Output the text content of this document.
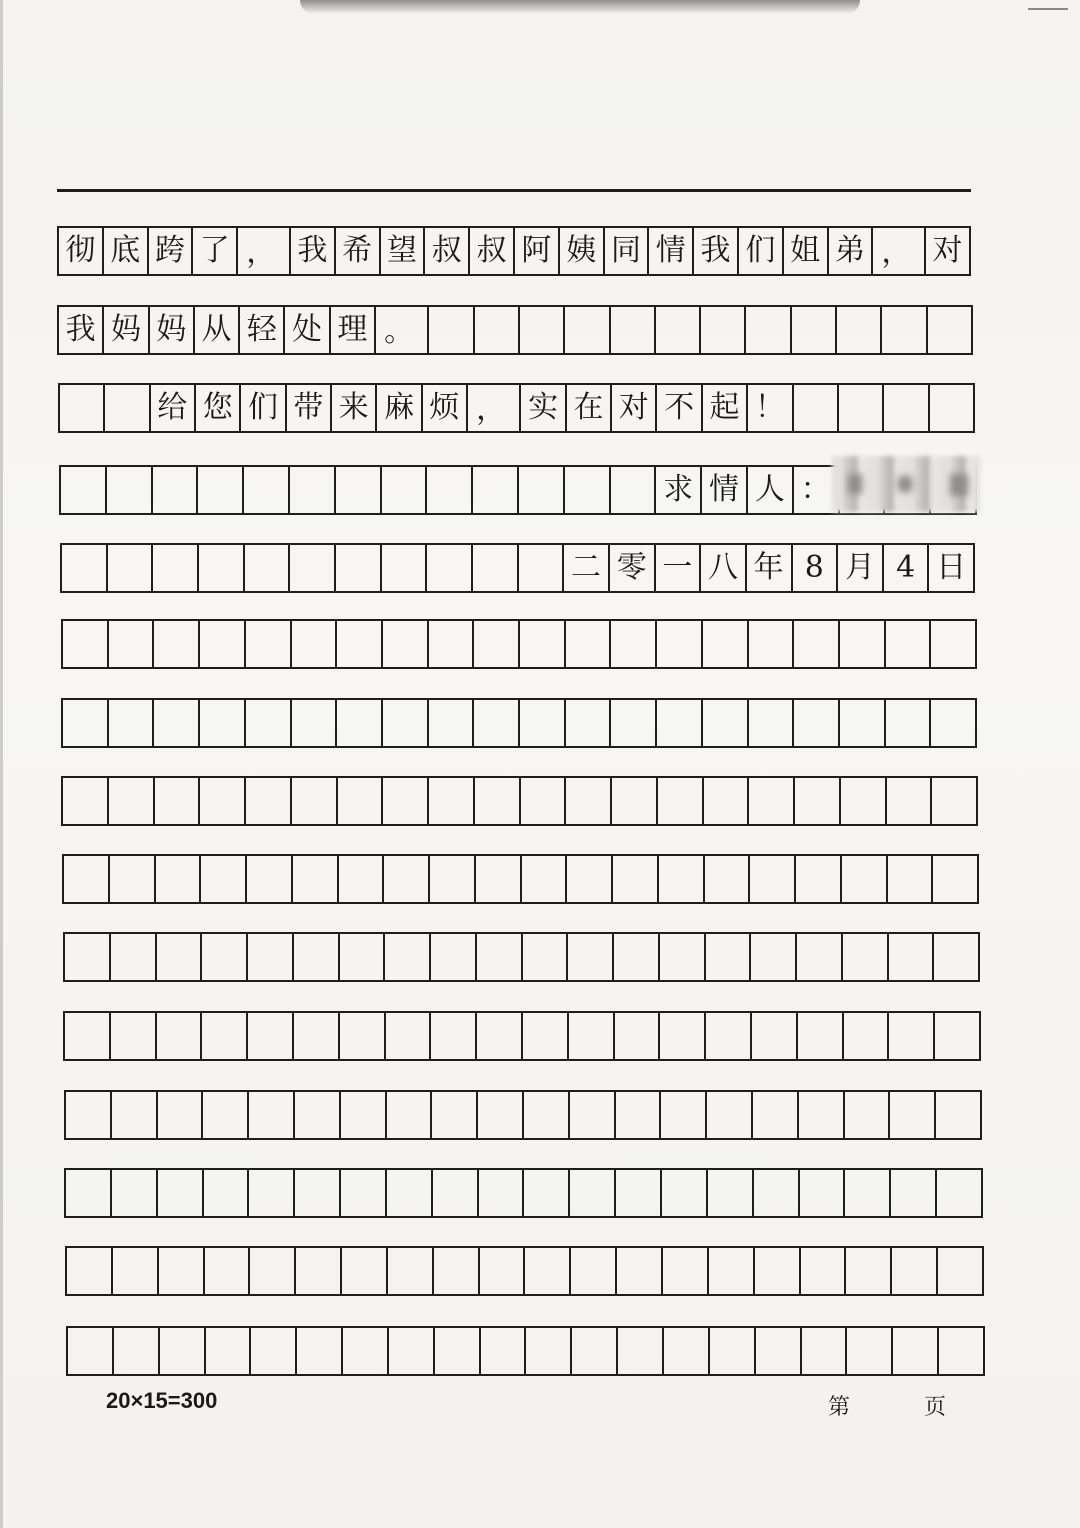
彻 底 跨 了 ， 我 希 望 叔 叔 阿 姨 同 情 我 们 姐 弟 ， 对
我 妈 妈 从 轻 处 理 。
给 您 们 带 来 麻 烦 ， 实 在 对 不 起 ！
求 情 人 ：
二 零 一 八 年 8 月 4 日
20×15=300	第	页
